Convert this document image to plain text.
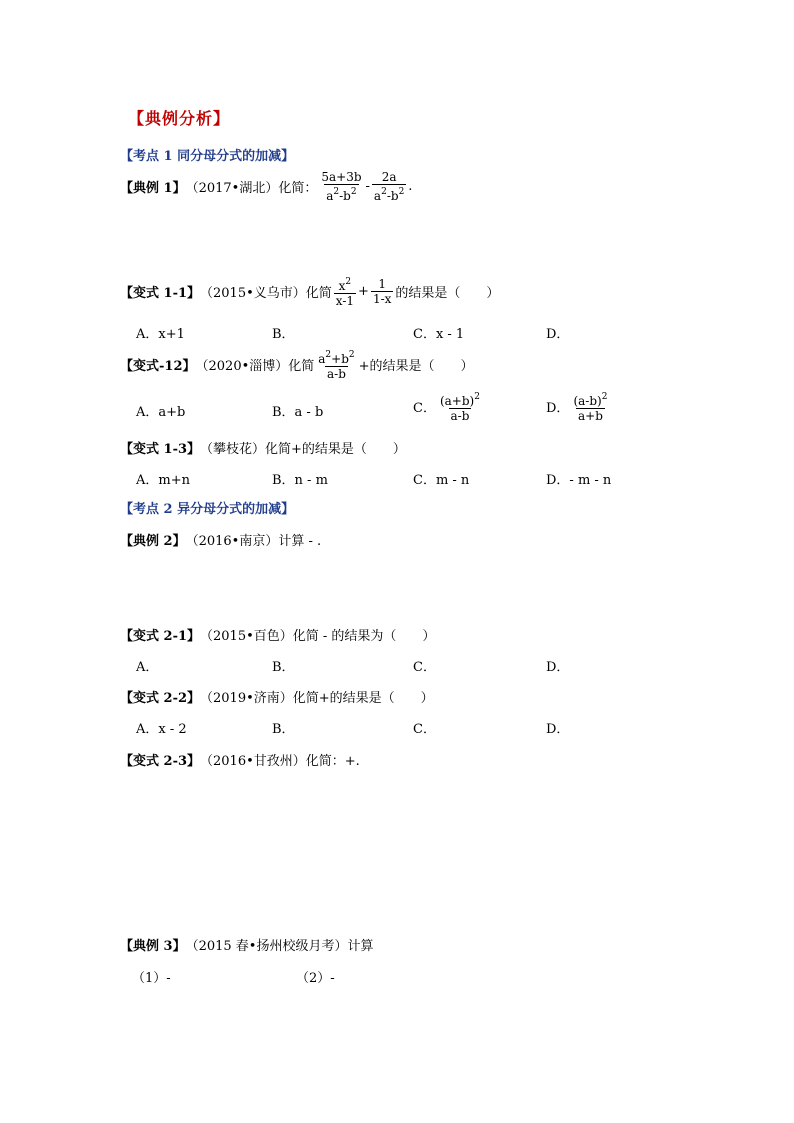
【典例分析】
【考点 1 同分母分式的加减】
【典例 1】 （2017•湖北）化简： $\frac{5a+3b}{a^2-b^2} - \frac{2a}{a^2-b^2}$ .
【变式 1-1】 （2015•义乌市）化简 $\frac{x^2}{x-1} + \frac{1}{1-x}$ 的结果是（　　）
A．x+1	B．	C．x - 1	D．
【变式-12】 （2020•淄博）化简 $\frac{a^2+b^2}{a-b}$ +的结果是（　　）
A．a+b	B．a - b	C． $\frac{(a+b)^2}{a-b}$	D． $\frac{(a-b)^2}{a+b}$
【变式 1-3】 （攀枝花）化简+的结果是（　　）
A．m+n	B．n - m	C．m - n	D．- m - n
【考点 2 异分母分式的加减】
【典例 2】 （2016•南京）计算 - .
【变式 2-1】 （2015•百色）化简 - 的结果为（　　）
A．	B．	C．	D．
【变式 2-2】 （2019•济南）化简+的结果是（　　）
A．x - 2	B．	C．	D．
【变式 2-3】 （2016•甘孜州）化简：+.
【典例 3】 （2015 春•扬州校级月考）计算
（1）-	（2）-
